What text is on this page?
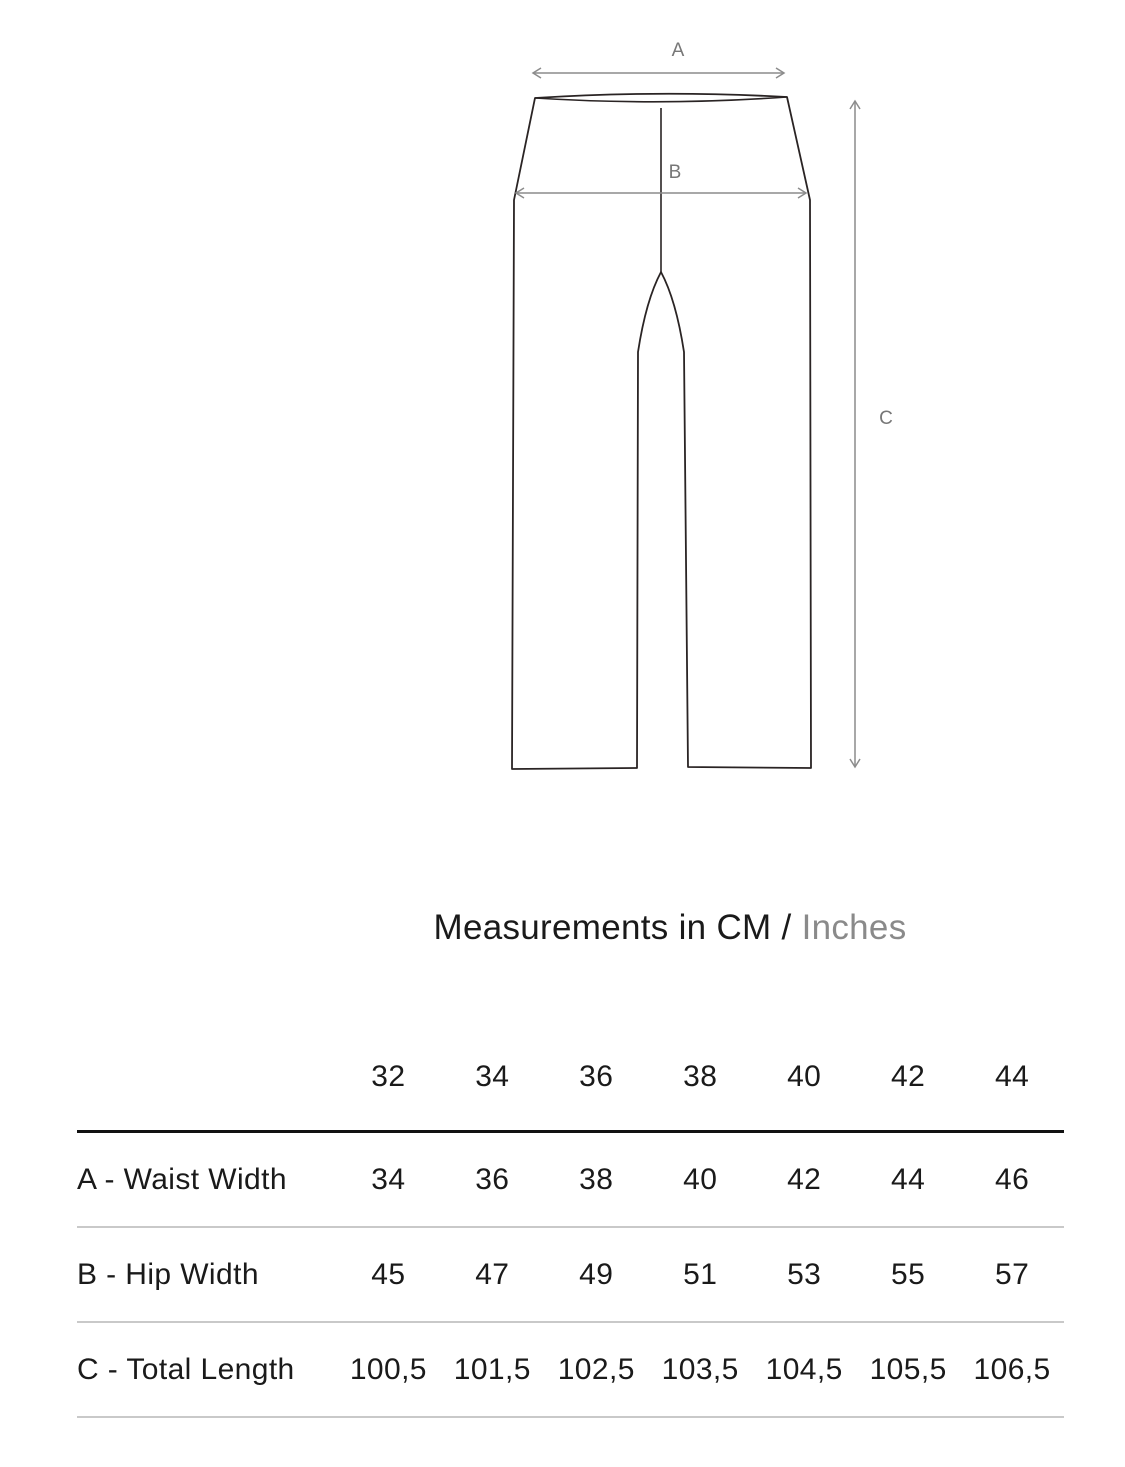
A
B
C
Measurements in CM / Inches
32	34	36	38	40	42	44
A - Waist Width	34	36	38	40	42	44	46
B - Hip Width	45	47	49	51	53	55	57
C - Total Length	100,5 101,5 102,5 103,5 104,5 105,5 106,5
